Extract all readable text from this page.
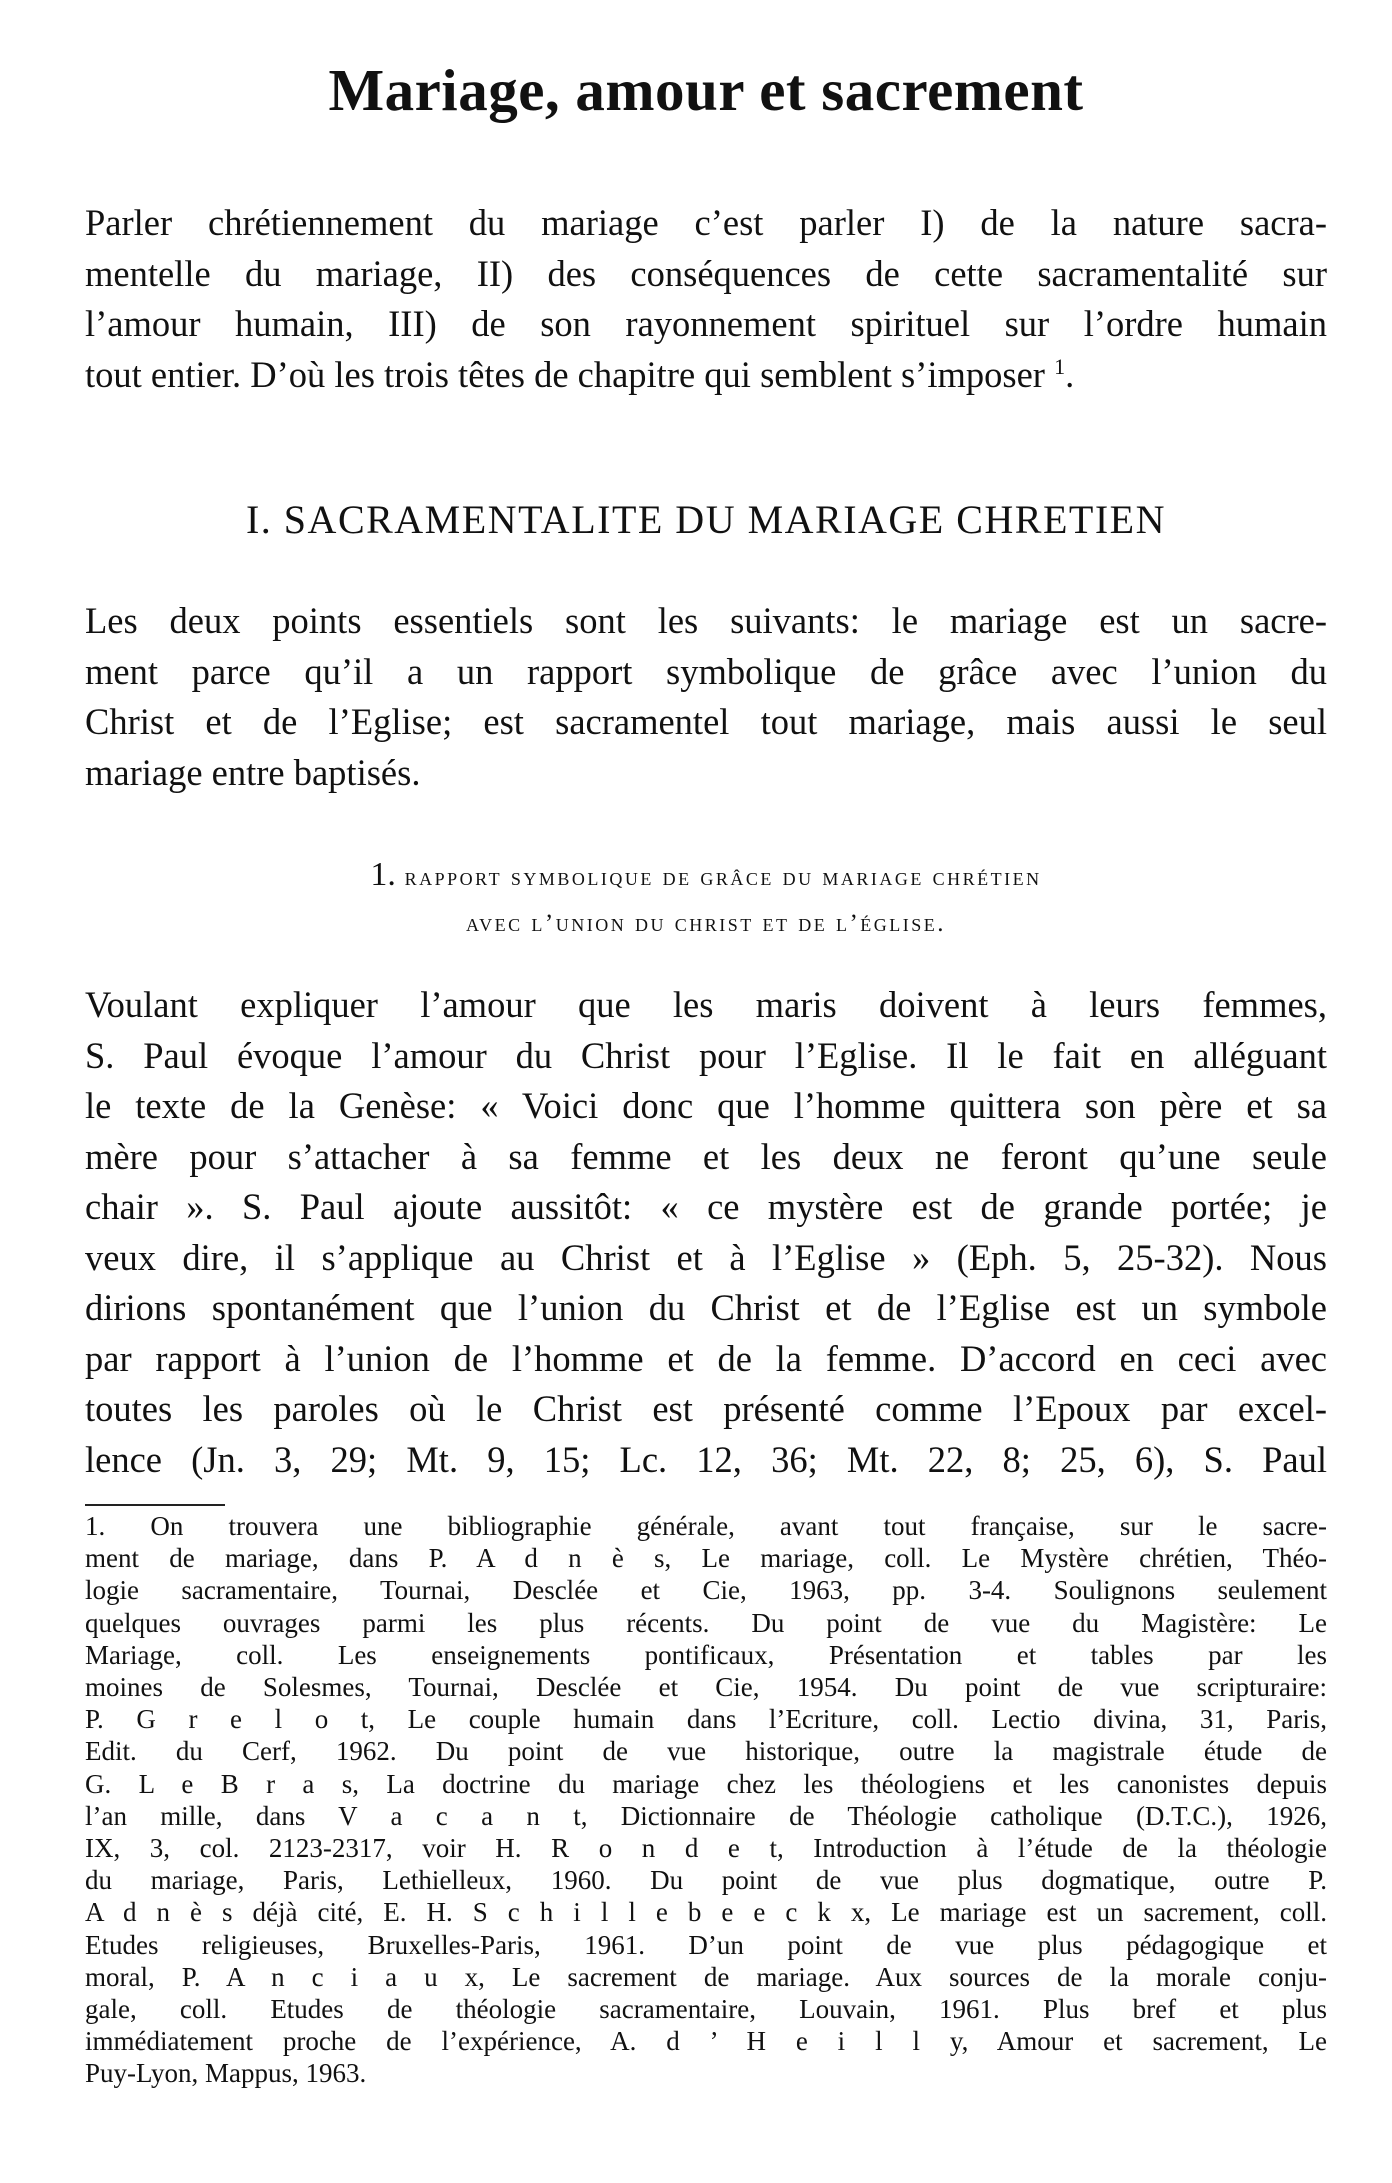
Mariage, amour et sacrement
Parler chrétiennement du mariage c’est parler I) de la nature sacra-
mentelle du mariage, II) des conséquences de cette sacramentalité sur
l’amour humain, III) de son rayonnement spirituel sur l’ordre humain
tout entier. D’où les trois têtes de chapitre qui semblent s’imposer $^1$.
I. SACRAMENTALITE DU MARIAGE CHRETIEN
Les deux points essentiels sont les suivants: le mariage est un sacre-
ment parce qu’il a un rapport symbolique de grâce avec l’union du
Christ et de l’Eglise; est sacramentel tout mariage, mais aussi le seul
mariage entre baptisés.
1. rapport symbolique de grâce du mariage chrétien
avec l’union du christ et de l’église.
Voulant expliquer l’amour que les maris doivent à leurs femmes,
S. Paul évoque l’amour du Christ pour l’Eglise. Il le fait en alléguant
le texte de la Genèse: « Voici donc que l’homme quittera son père et sa
mère pour s’attacher à sa femme et les deux ne feront qu’une seule
chair ». S. Paul ajoute aussitôt: « ce mystère est de grande portée; je
veux dire, il s’applique au Christ et à l’Eglise » (Eph. 5, 25-32). Nous
dirions spontanément que l’union du Christ et de l’Eglise est un symbole
par rapport à l’union de l’homme et de la femme. D’accord en ceci avec
toutes les paroles où le Christ est présenté comme l’Epoux par excel-
lence (Jn. 3, 29; Mt. 9, 15; Lc. 12, 36; Mt. 22, 8; 25, 6), S. Paul
1. On trouvera une bibliographie générale, avant tout française, sur le sacre-
ment de mariage, dans P. A d n è s, Le mariage, coll. Le Mystère chrétien, Théo-
logie sacramentaire, Tournai, Desclée et Cie, 1963, pp. 3-4. Soulignons seulement
quelques ouvrages parmi les plus récents. Du point de vue du Magistère: Le
Mariage, coll. Les enseignements pontificaux, Présentation et tables par les
moines de Solesmes, Tournai, Desclée et Cie, 1954. Du point de vue scripturaire:
P. G r e l o t, Le couple humain dans l’Ecriture, coll. Lectio divina, 31, Paris,
Edit. du Cerf, 1962. Du point de vue historique, outre la magistrale étude de
G. L e B r a s, La doctrine du mariage chez les théologiens et les canonistes depuis
l’an mille, dans V a c a n t, Dictionnaire de Théologie catholique (D.T.C.), 1926,
IX, 3, col. 2123-2317, voir H. R o n d e t, Introduction à l’étude de la théologie
du mariage, Paris, Lethielleux, 1960. Du point de vue plus dogmatique, outre P.
A d n è s déjà cité, E. H. S c h i l l e b e e c k x, Le mariage est un sacrement, coll.
Etudes religieuses, Bruxelles-Paris, 1961. D’un point de vue plus pédagogique et
moral, P. A n c i a u x, Le sacrement de mariage. Aux sources de la morale conju-
gale, coll. Etudes de théologie sacramentaire, Louvain, 1961. Plus bref et plus
immédiatement proche de l’expérience, A. d ’ H e i l l y, Amour et sacrement, Le
Puy-Lyon, Mappus, 1963.
